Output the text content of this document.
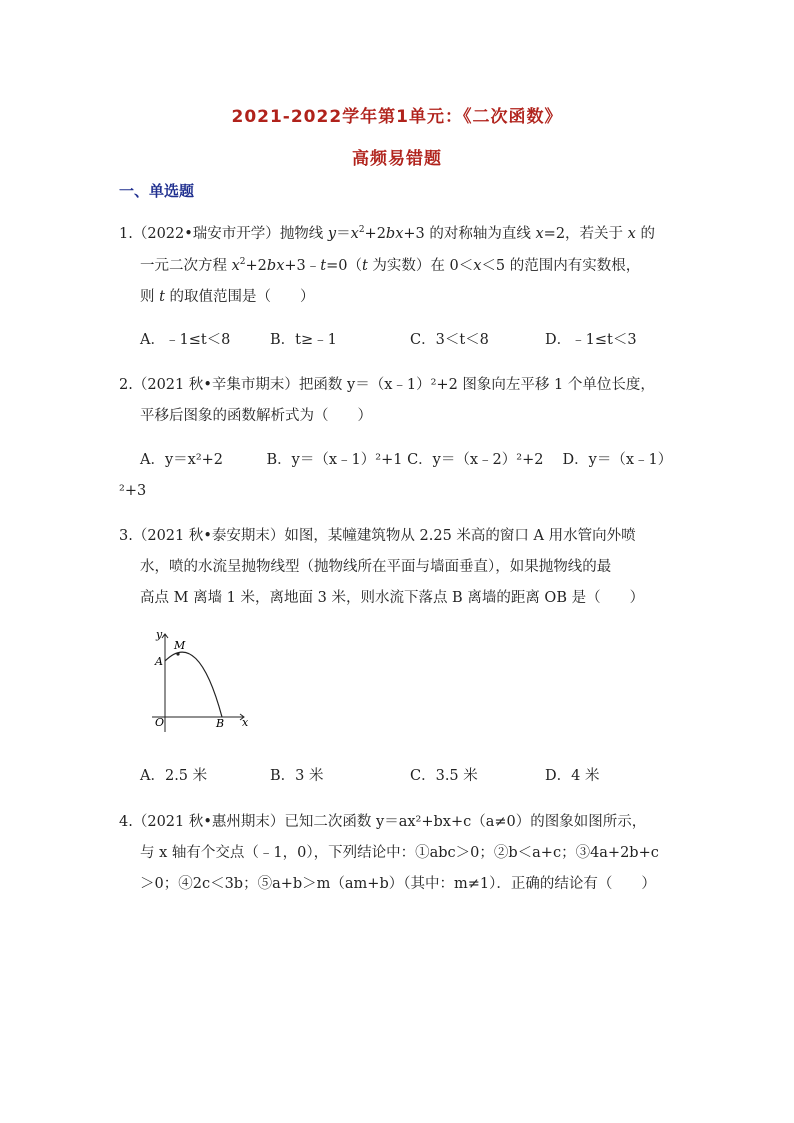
2021-2022学年第1单元：《二次函数》
高频易错题
一、单选题
1.（2022•瑞安市开学）抛物线 $y=x^2+2bx+3$ 的对称轴为直线 x=2，若关于 x 的
一元二次方程 $x^2+2bx+3﹣t=0(t$ 为实数）在 0＜x＜5 的范围内有实数根，
则 t 的取值范围是（　　）
A．﹣1≤t＜8	B．t≥﹣1	C．3＜t＜8	D．﹣1≤t＜3
2.（2021 秋•辛集市期末）把函数 y＝（x﹣1）²+2 图象向左平移 1 个单位长度，
平移后图象的函数解析式为（　　）
A．y＝x²+2　　　B．y＝（x﹣1）²+1 C．y＝（x﹣2）²+2　 D．y＝（x﹣1）
²+3
3.（2021 秋•泰安期末）如图，某幢建筑物从 2.25 米高的窗口 A 用水管向外喷
水，喷的水流呈抛物线型（抛物线所在平面与墙面垂直），如果抛物线的最
高点 M 离墙 1 米，离地面 3 米，则水流下落点 B 离墙的距离 OB 是（　　）
y
M
A
O	B x
A．2.5 米	B．3 米	C．3.5 米	D．4 米
4.（2021 秋•惠州期末）已知二次函数 y＝ax²+bx+c（a≠0）的图象如图所示，
与 x 轴有个交点（﹣1，0），下列结论中：①abc＞0；②b＜a+c；③4a+2b+c
＞0；④2c＜3b；⑤a+b＞m（am+b）（其中：m≠1）．正确的结论有（　　）
